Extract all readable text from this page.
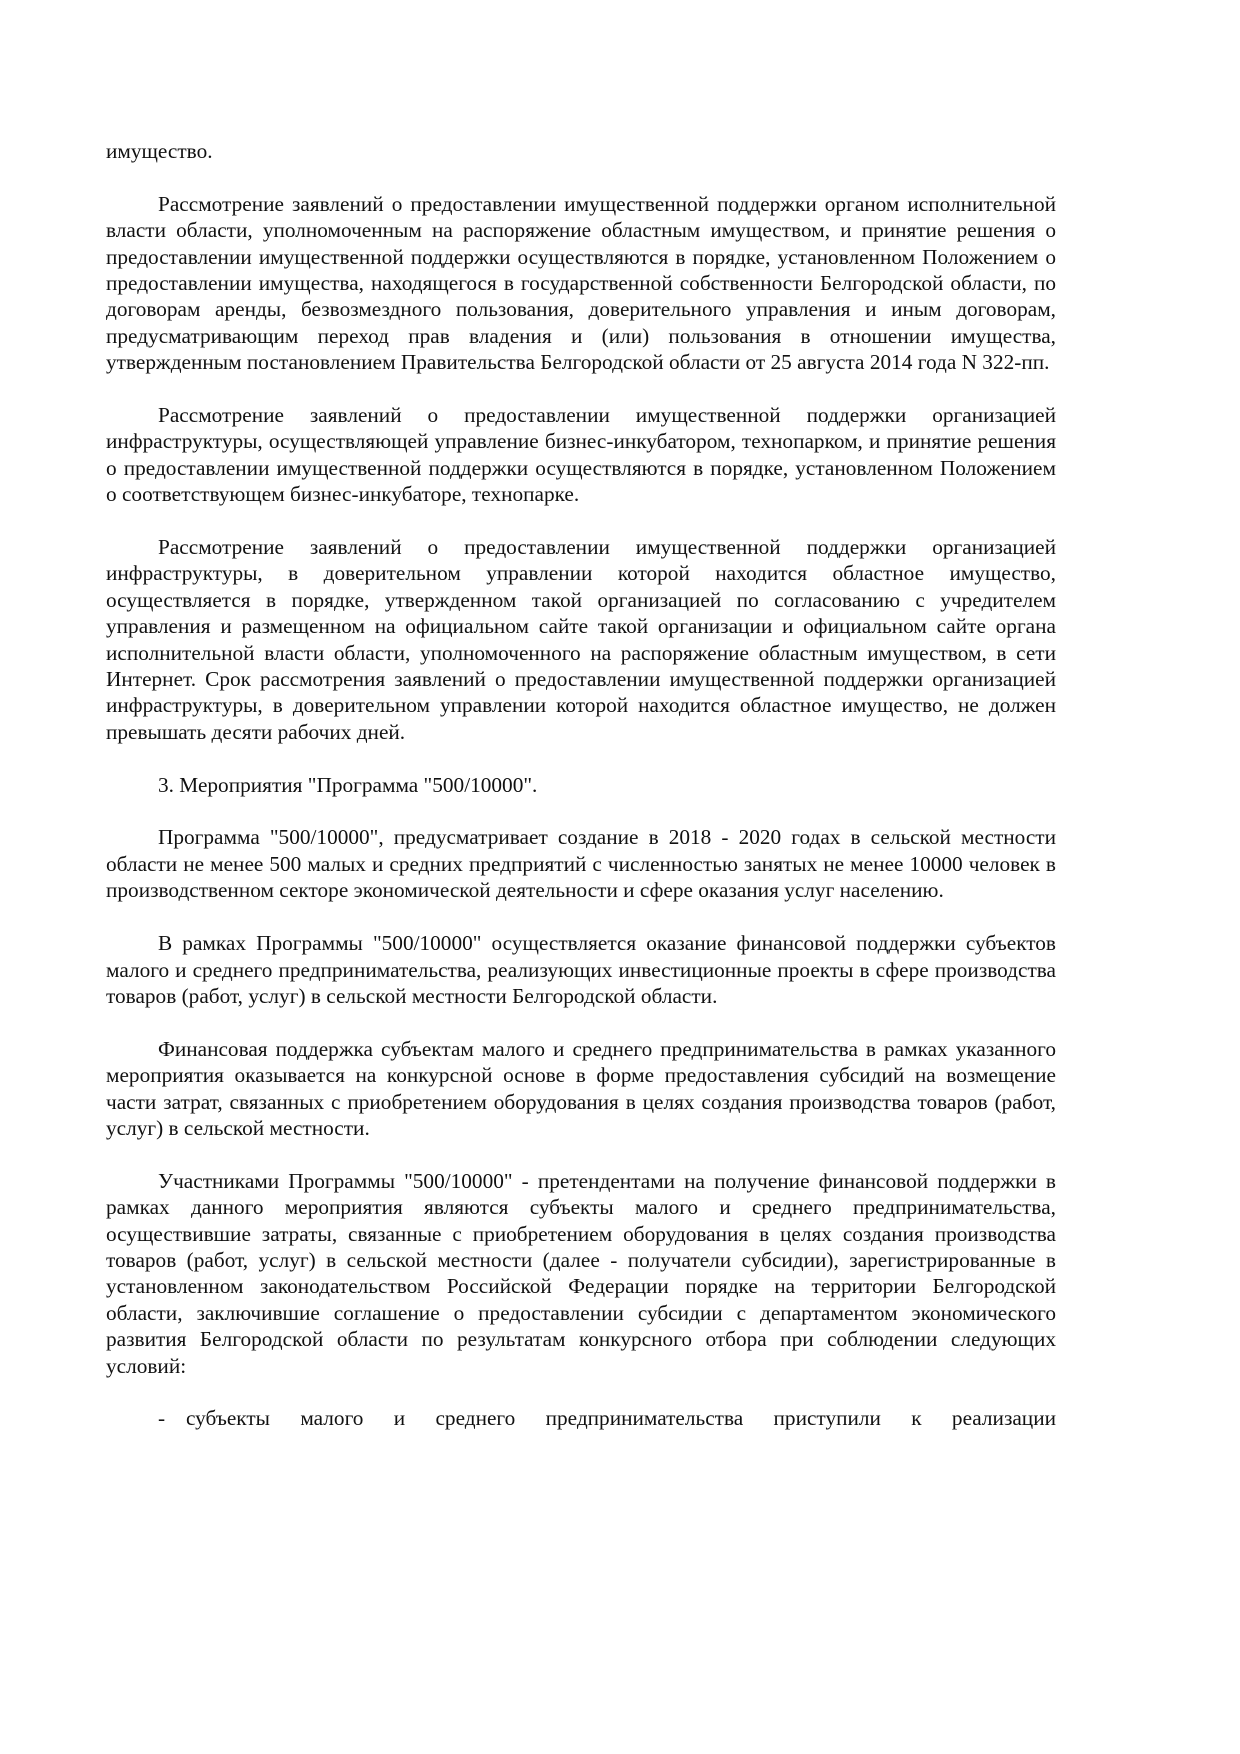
имущество.

Рассмотрение заявлений о предоставлении имущественной поддержки органом исполнительной власти области, уполномоченным на распоряжение областным имуществом, и принятие решения о предоставлении имущественной поддержки осуществляются в порядке, установленном Положением о предоставлении имущества, находящегося в государственной собственности Белгородской области, по договорам аренды, безвозмездного пользования, доверительного управления и иным договорам, предусматривающим переход прав владения и (или) пользования в отношении имущества, утвержденным постановлением Правительства Белгородской области от 25 августа 2014 года N 322-пп.

Рассмотрение заявлений о предоставлении имущественной поддержки организацией инфраструктуры, осуществляющей управление бизнес-инкубатором, технопарком, и принятие решения о предоставлении имущественной поддержки осуществляются в порядке, установленном Положением о соответствующем бизнес-инкубаторе, технопарке.

Рассмотрение заявлений о предоставлении имущественной поддержки организацией инфраструктуры, в доверительном управлении которой находится областное имущество, осуществляется в порядке, утвержденном такой организацией по согласованию с учредителем управления и размещенном на официальном сайте такой организации и официальном сайте органа исполнительной власти области, уполномоченного на распоряжение областным имуществом, в сети Интернет. Срок рассмотрения заявлений о предоставлении имущественной поддержки организацией инфраструктуры, в доверительном управлении которой находится областное имущество, не должен превышать десяти рабочих дней.

3. Мероприятия "Программа "500/10000".

Программа "500/10000", предусматривает создание в 2018 - 2020 годах в сельской местности области не менее 500 малых и средних предприятий с численностью занятых не менее 10000 человек в производственном секторе экономической деятельности и сфере оказания услуг населению.

В рамках Программы "500/10000" осуществляется оказание финансовой поддержки субъектов малого и среднего предпринимательства, реализующих инвестиционные проекты в сфере производства товаров (работ, услуг) в сельской местности Белгородской области.

Финансовая поддержка субъектам малого и среднего предпринимательства в рамках указанного мероприятия оказывается на конкурсной основе в форме предоставления субсидий на возмещение части затрат, связанных с приобретением оборудования в целях создания производства товаров (работ, услуг) в сельской местности.

Участниками Программы "500/10000" - претендентами на получение финансовой поддержки в рамках данного мероприятия являются субъекты малого и среднего предпринимательства, осуществившие затраты, связанные с приобретением оборудования в целях создания производства товаров (работ, услуг) в сельской местности (далее - получатели субсидии), зарегистрированные в установленном законодательством Российской Федерации порядке на территории Белгородской области, заключившие соглашение о предоставлении субсидии с департаментом экономического развития Белгородской области по результатам конкурсного отбора при соблюдении следующих условий:

- субъекты малого и среднего предпринимательства приступили к реализации
